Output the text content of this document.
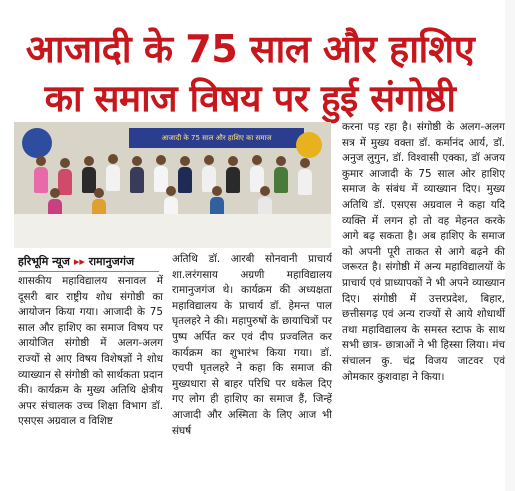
आजादी के 75 साल और हाशिए
का समाज विषय पर हुई संगोष्ठी
आजादी के 75 साल और हाशिए का समाज
हरिभूमि न्यूज ▸▸ रामानुजगंज

शासकीय महाविद्यालय सनावल में दूसरी बार राष्ट्रीय शोध संगोष्ठी का आयोजन किया गया। आजादी के 75 साल और हाशिए का समाज विषय पर आयोजित संगोष्ठी में अलग-अलग राज्यों से आए विषय विशेषज्ञों ने शोध व्याख्यान से संगोष्ठी को सार्थकता प्रदान की। कार्यक्रम के मुख्य अतिथि क्षेत्रीय अपर संचालक उच्च शिक्षा विभाग डॉ. एसएस अग्रवाल व विशिष्ट

अतिथि डॉ. आरबी सोनवानी प्राचार्य शा.लरंगसाय अग्रणी महाविद्यालय रामानुजगंज थे। कार्यक्रम की अध्यक्षता महाविद्यालय के प्राचार्य डॉ. हेमन्त पाल घृतलहरे ने की। महापुरुषों के छायाचित्रों पर पुष्प अर्पित कर एवं दीप प्रज्वलित कर कार्यक्रम का शुभारंभ किया गया। डॉ. एचपी घृतलहरे ने कहा कि समाज की मुख्यधारा से बाहर परिधि पर धकेल दिए गए लोग ही हाशिए का समाज हैं, जिन्हें आजादी और अस्मिता के लिए आज भी संघर्ष

करना पड़ रहा है। संगोष्ठी के अलग-अलग सत्र में मुख्य वक्ता डॉ. कर्मानंद आर्य, डॉ. अनुज लुगुन, डॉ. विश्वासी एक्का, डॉ अजय कुमार आजादी के 75 साल ओर हाशिए समाज के संबंध में व्याख्यान दिए। मुख्य अतिथि डॉ. एसएस अग्रवाल ने कहा यदि व्यक्ति में लगन हो तो वह मेहनत करके आगे बढ़ सकता है। अब हाशिए के समाज को अपनी पूरी ताकत से आगे बढ़ने की जरूरत है। संगोष्ठी में अन्य महाविद्यालयों के प्राचार्य एवं प्राध्यापकों ने भी अपने व्याख्यान दिए। संगोष्ठी में उत्तरप्रदेश, बिहार, छत्तीसगढ़ एवं अन्य राज्यों से आये शोधार्थी तथा महाविद्यालय के समस्त स्टाफ के साथ सभी छात्र- छात्राओं ने भी हिस्सा लिया। मंच संचालन कु. चंद्र विजय जाटवर एवं ओमकार कुशवाहा ने किया।
